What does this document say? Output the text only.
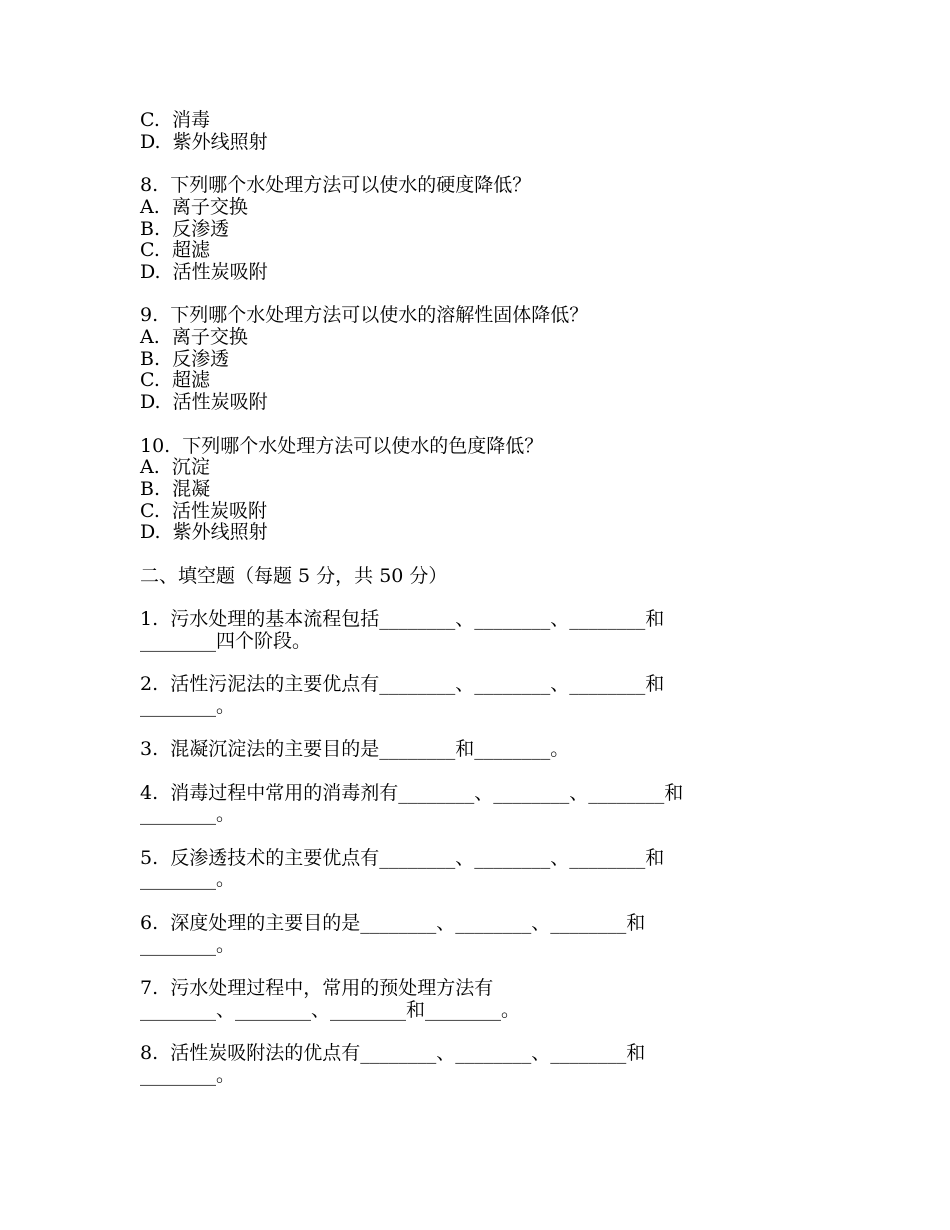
C.  消毒
D.  紫外线照射
8.  下列哪个水处理方法可以使水的硬度降低？
A.  离子交换
B.  反渗透
C.  超滤
D.  活性炭吸附
9.  下列哪个水处理方法可以使水的溶解性固体降低？
A.  离子交换
B.  反渗透
C.  超滤
D.  活性炭吸附
10.  下列哪个水处理方法可以使水的色度降低？
A.  沉淀
B.  混凝
C.  活性炭吸附
D.  紫外线照射
二、填空题（每题 5 分，共 50 分）
1.  污水处理的基本流程包括________、________、________和
________四个阶段。
2.  活性污泥法的主要优点有________、________、________和
________。
3.  混凝沉淀法的主要目的是________和________。
4.  消毒过程中常用的消毒剂有________、________、________和
________。
5.  反渗透技术的主要优点有________、________、________和
________。
6.  深度处理的主要目的是________、________、________和
________。
7.  污水处理过程中，常用的预处理方法有
________、________、________和________。
8.  活性炭吸附法的优点有________、________、________和
________。
